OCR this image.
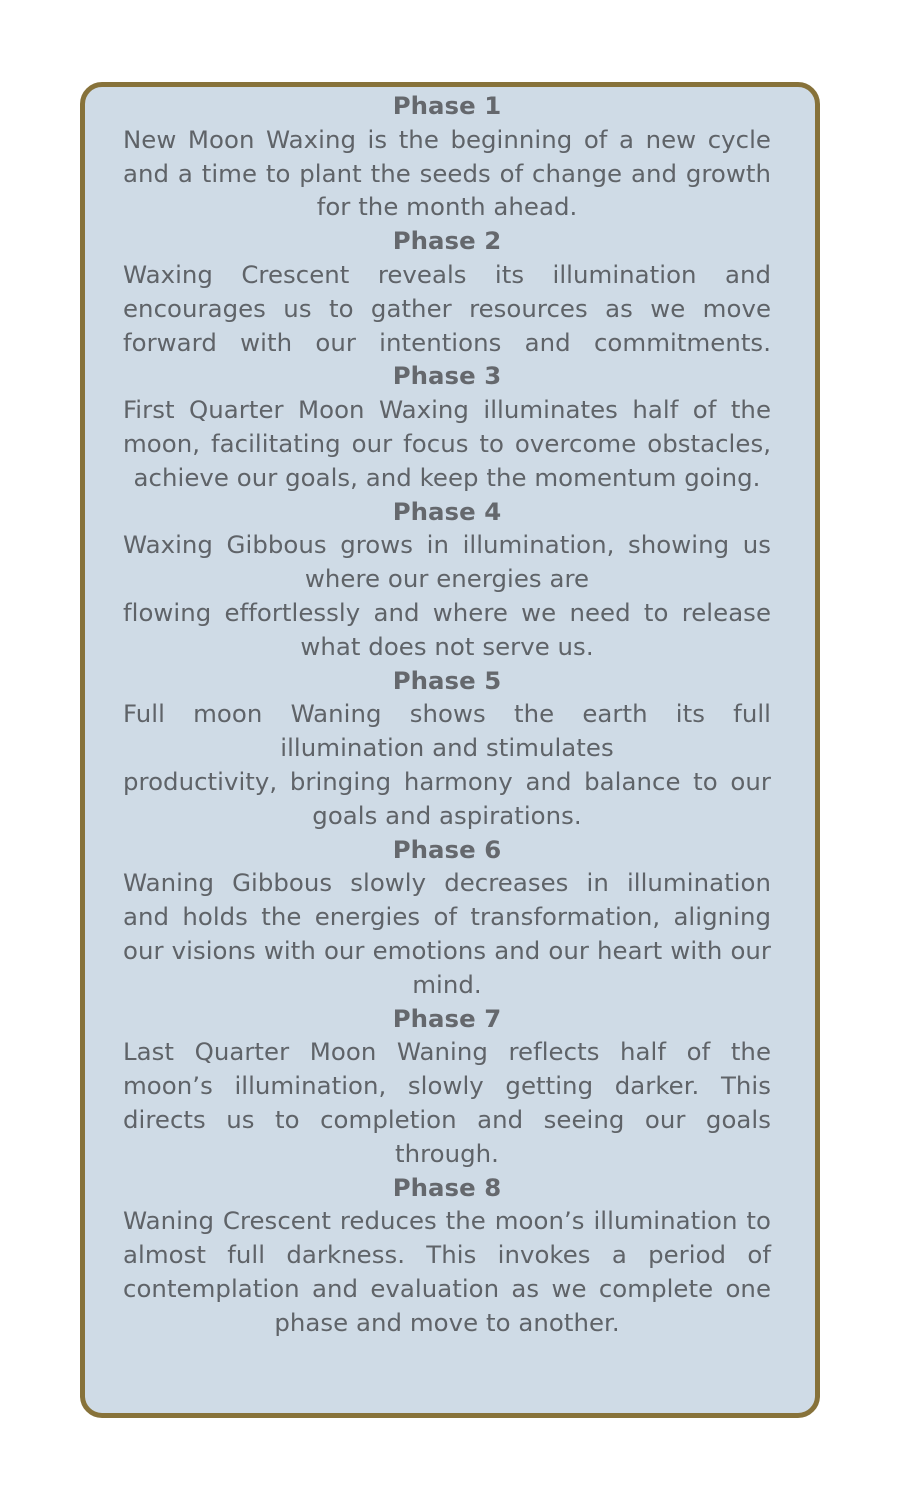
Phase 1
New Moon Waxing is the beginning of a new cycle and a time to plant the seeds of change and growth for the month ahead.
Phase 2
Waxing Crescent reveals its illumination and encourages us to gather resources as we move forward with our intentions and commitments. Phase 3
First Quarter Moon Waxing illuminates half of the moon, facilitating our focus to overcome obstacles, achieve our goals, and keep the momentum going.
Phase 4
Waxing Gibbous grows in illumination, showing us where our energies are
flowing effortlessly and where we need to release what does not serve us.
Phase 5
Full moon Waning shows the earth its full illumination and stimulates
productivity, bringing harmony and balance to our goals and aspirations.
Phase 6
Waning Gibbous slowly decreases in illumination and holds the energies of transformation, aligning our visions with our emotions and our heart with our mind.
Phase 7
Last Quarter Moon Waning reflects half of the moon’s illumination, slowly getting darker. This directs us to completion and seeing our goals through.
Phase 8
Waning Crescent reduces the moon’s illumination to almost full darkness. This invokes a period of contemplation and evaluation as we complete one phase and move to another.
